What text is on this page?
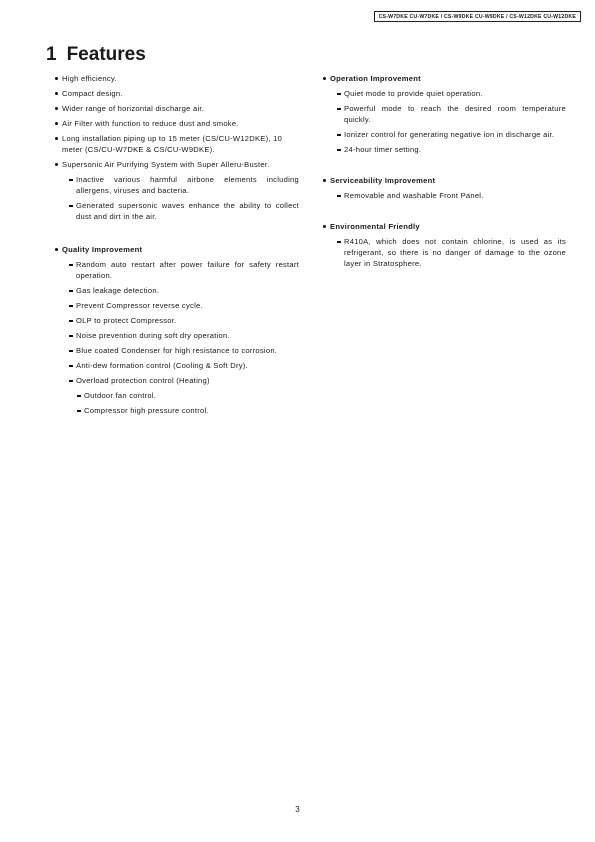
CS-W7DKE CU-W7DKE / CS-W9DKE CU-W9DKE / CS-W12DKE CU-W12DKE
1 Features
High efficiency.
Compact design.
Wider range of horizontal discharge air.
Air Filter with function to reduce dust and smoke.
Long installation piping up to 15 meter (CS/CU-W12DKE), 10 meter (CS/CU-W7DKE & CS/CU-W9DKE).
Supersonic Air Purifying System with Super Alleru-Buster.
Inactive various harmful airbone elements including allergens, viruses and bacteria.
Generated supersonic waves enhance the ability to collect dust and dirt in the air.
Quality Improvement
Random auto restart after power failure for safety restart operation.
Gas leakage detection.
Prevent Compressor reverse cycle.
OLP to protect Compressor.
Noise prevention during soft dry operation.
Blue coated Condenser for high resistance to corrosion.
Anti-dew formation control (Cooling & Soft Dry).
Overload protection control (Heating)
Outdoor fan control.
Compressor high pressure control.
Operation Improvement
Quiet mode to provide quiet operation.
Powerful mode to reach the desired room temperature quickly.
Ionizer control for generating negative ion in discharge air.
24-hour timer setting.
Serviceability Improvement
Removable and washable Front Panel.
Environmental Friendly
R410A, which does not contain chlorine, is used as its refrigerant, so there is no danger of damage to the ozone layer in Stratosphere.
3
